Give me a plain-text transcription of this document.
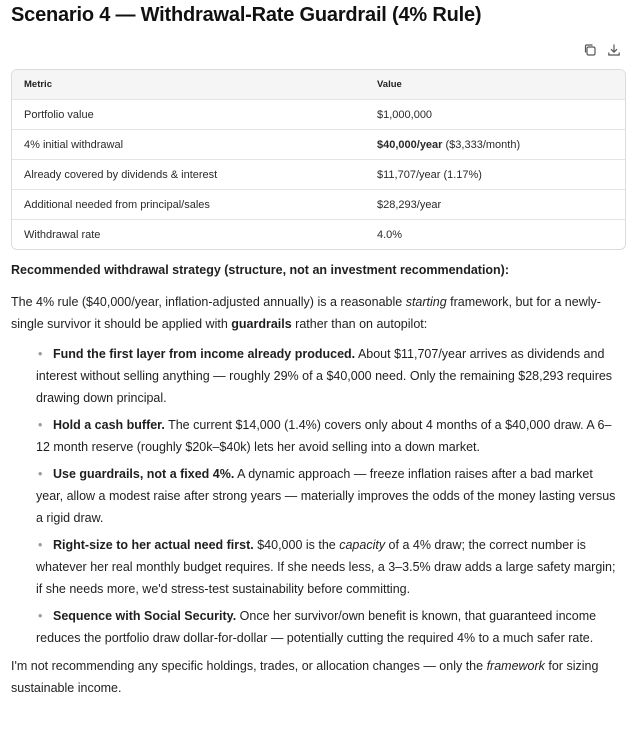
Scenario 4 — Withdrawal-Rate Guardrail (4% Rule)
Metric	Value
Portfolio value	$1,000,000
4% initial withdrawal	$40,000/year ($3,333/month)
Already covered by dividends & interest	$11,707/year (1.17%)
Additional needed from principal/sales	$28,293/year
Withdrawal rate	4.0%

Recommended withdrawal strategy (structure, not an investment recommendation):

The 4% rule ($40,000/year, inflation-adjusted annually) is a reasonable starting framework, but for a newly-single survivor it should be applied with guardrails rather than on autopilot:

• Fund the first layer from income already produced. About $11,707/year arrives as dividends and interest without selling anything — roughly 29% of a $40,000 need. Only the remaining $28,293 requires drawing down principal.
• Hold a cash buffer. The current $14,000 (1.4%) covers only about 4 months of a $40,000 draw. A 6–12 month reserve (roughly $20k–$40k) lets her avoid selling into a down market.
• Use guardrails, not a fixed 4%. A dynamic approach — freeze inflation raises after a bad market year, allow a modest raise after strong years — materially improves the odds of the money lasting versus a rigid draw.
• Right-size to her actual need first. $40,000 is the capacity of a 4% draw; the correct number is whatever her real monthly budget requires. If she needs less, a 3–3.5% draw adds a large safety margin; if she needs more, we'd stress-test sustainability before committing.
• Sequence with Social Security. Once her survivor/own benefit is known, that guaranteed income reduces the portfolio draw dollar-for-dollar — potentially cutting the required 4% to a much safer rate.

I'm not recommending any specific holdings, trades, or allocation changes — only the framework for sizing sustainable income.
